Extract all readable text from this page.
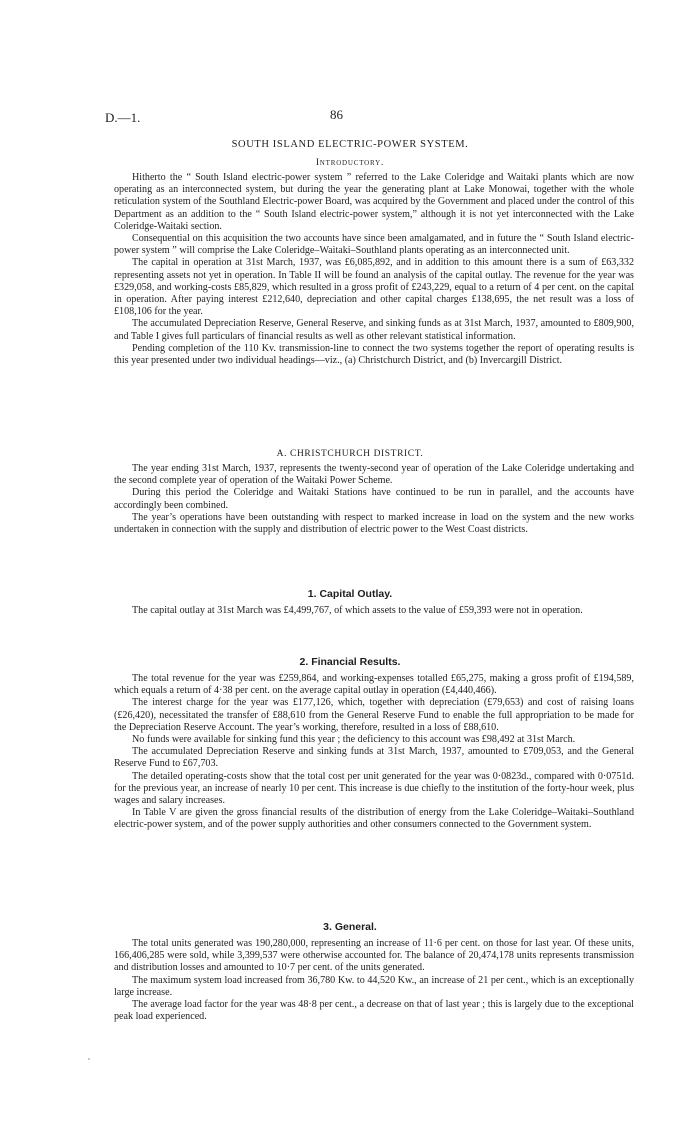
D.—1.	86
SOUTH ISLAND ELECTRIC-POWER SYSTEM.
Introductory.

Hitherto the “ South Island electric-power system ” referred to the Lake Coleridge and Waitaki plants which are now operating as an interconnected system, but during the year the generating plant at Lake Monowai, together with the whole reticulation system of the Southland Electric-power Board, was acquired by the Government and placed under the control of this Department as an addition to the “ South Island electric-power system,” although it is not yet interconnected with the Lake Coleridge-Waitaki section.

Consequential on this acquisition the two accounts have since been amalgamated, and in future the “ South Island electric-power system ” will comprise the Lake Coleridge–Waitaki–Southland plants operating as an interconnected unit.

The capital in operation at 31st March, 1937, was £6,085,892, and in addition to this amount there is a sum of £63,332 representing assets not yet in operation. In Table II will be found an analysis of the capital outlay. The revenue for the year was £329,058, and working-costs £85,829, which resulted in a gross profit of £243,229, equal to a return of 4 per cent. on the capital in operation. After paying interest £212,640, depreciation and other capital charges £138,695, the net result was a loss of £108,106 for the year.

The accumulated Depreciation Reserve, General Reserve, and sinking funds as at 31st March, 1937, amounted to £809,900, and Table I gives full particulars of financial results as well as other relevant statistical information.

Pending completion of the 110 Kv. transmission-line to connect the two systems together the report of operating results is this year presented under two individual headings—viz., (a) Christchurch District, and (b) Invercargill District.

A. CHRISTCHURCH DISTRICT.

The year ending 31st March, 1937, represents the twenty-second year of operation of the Lake Coleridge undertaking and the second complete year of operation of the Waitaki Power Scheme.

During this period the Coleridge and Waitaki Stations have continued to be run in parallel, and the accounts have accordingly been combined.

The year’s operations have been outstanding with respect to marked increase in load on the system and the new works undertaken in connection with the supply and distribution of electric power to the West Coast districts.

1. Capital Outlay.

The capital outlay at 31st March was £4,499,767, of which assets to the value of £59,393 were not in operation.

2. Financial Results.

The total revenue for the year was £259,864, and working-expenses totalled £65,275, making a gross profit of £194,589, which equals a return of 4·38 per cent. on the average capital outlay in operation (£4,440,466).

The interest charge for the year was £177,126, which, together with depreciation (£79,653) and cost of raising loans (£26,420), necessitated the transfer of £88,610 from the General Reserve Fund to enable the full appropriation to be made for the Depreciation Reserve Account. The year’s working, therefore, resulted in a loss of £88,610.

No funds were available for sinking fund this year ; the deficiency to this account was £98,492 at 31st March.

The accumulated Depreciation Reserve and sinking funds at 31st March, 1937, amounted to £709,053, and the General Reserve Fund to £67,703.

The detailed operating-costs show that the total cost per unit generated for the year was 0·0823d., compared with 0·0751d. for the previous year, an increase of nearly 10 per cent. This increase is due chiefly to the institution of the forty-hour week, plus wages and salary increases.

In Table V are given the gross financial results of the distribution of energy from the Lake Coleridge–Waitaki–Southland electric-power system, and of the power supply authorities and other consumers connected to the Government system.

3. General.

The total units generated was 190,280,000, representing an increase of 11·6 per cent. on those for last year. Of these units, 166,406,285 were sold, while 3,399,537 were otherwise accounted for. The balance of 20,474,178 units represents transmission and distribution losses and amounted to 10·7 per cent. of the units generated.

The maximum system load increased from 36,780 Kw. to 44,520 Kw., an increase of 21 per cent., which is an exceptionally large increase.

The average load factor for the year was 48·8 per cent., a decrease on that of last year ; this is largely due to the exceptional peak load experienced.
